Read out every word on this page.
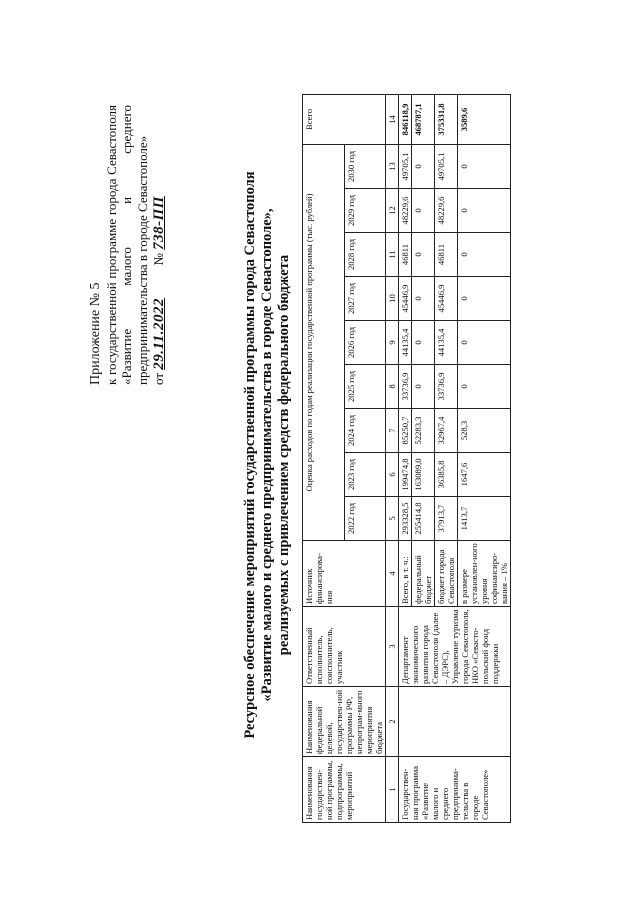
Приложение № 5 к государственной программе города Севастополя «Развитие малого и среднего предпринимательства в городе Севастополе» от 29.11.2022          № 738-ПП	Ресурсное обеспечение мероприятий государственной программы города Севастополя «Развитие малого и среднего предпринимательства в городе Севастополе», реализуемых с привлечением средств федерального бюджета
Наименования государствен-ной программы, подпрограммы, мероприятий	Наименования федеральной целевой, государствен-ной программы РФ, непрограм-много мероприятия бюджета	Ответственный исполнитель, соисполнитель, участник	Источник финансирова-ния	Оценка расходов по годам реализации государственной программы (тыс. рублей)									Всего
				2022 год	2023 год	2024 год	2025 год	2026 год	2027 год	2028 год	2029 год	2030 год	
1	2	3	4	5	6	7	8	9	10	11	12	13	14
Государствен-ная программа «Развитие малого и среднего предпринима-тельства в городе Севастополе»		Департамент экономического развития города Севастополя (далее – ДЭРС), Управление туризма города Севастополя, НКО «Севасто-польский фонд поддержки	Всего, в т. ч.:	293328,5	199474,8	85250,7	33736,9	44135,4	45446,9	46811	48229,6	49705,1	846118,9
			федеральный бюджет	255414,8	163089,0	52283,3	0	0	0	0	0	0	468787,1
			бюджет города Севастополя	37913,7	36385,8	32967,4	33736,9	44135,4	45446,9	46811	48229,6	49705,1	375331,8
			в размере установлен-ного уровня софинансиро-вания – 1%	1413,7	1647,6	528,3	0	0	0	0	0	0	3589,6
